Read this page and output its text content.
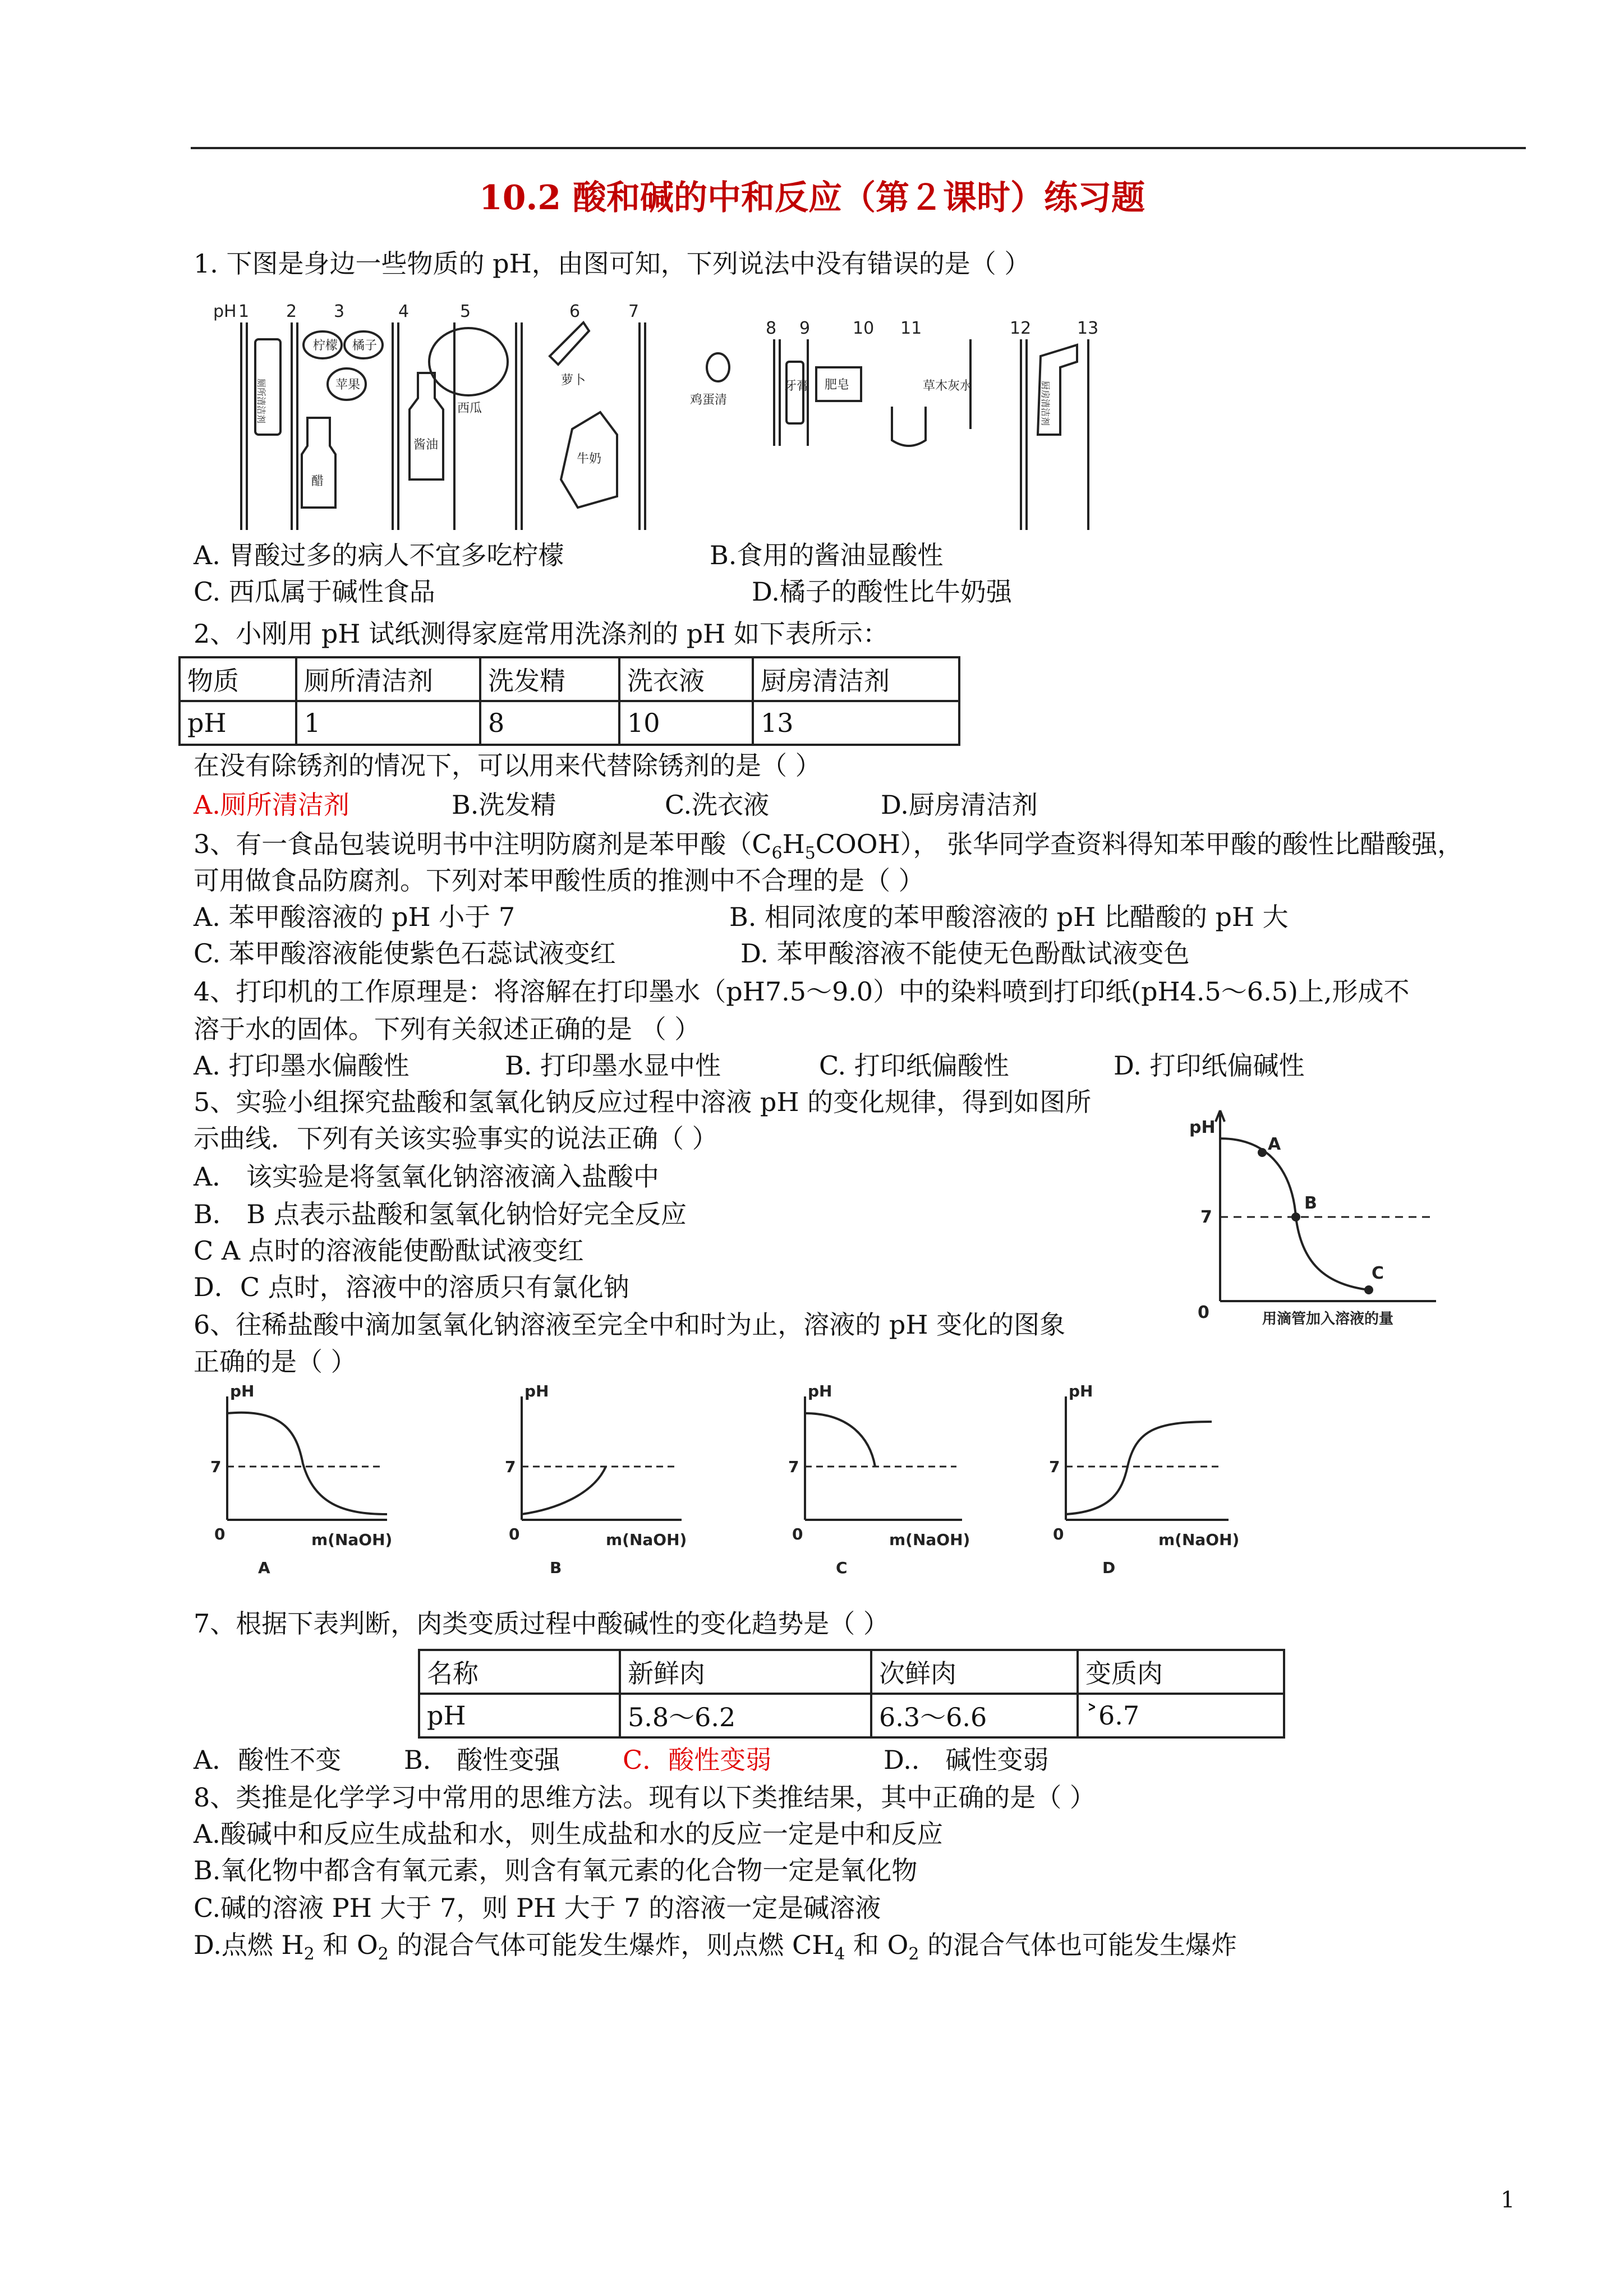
10.2 酸和碱的中和反应（第２课时）练习题
1. 下图是身边一些物质的 pH，由图可知，下列说法中没有错误的是（ ）
pH 1 2 3	4	5	6	7
8 9	10 11	12	13
柠檬 橘子
苹果
醋
酱油
西瓜
萝卜
牛奶
鸡蛋清
牙膏 肥皂	草木灰水
厕所清洁剂	厨房清洁剂
A. 胃酸过多的病人不宜多吃柠檬	B.食用的酱油显酸性
C. 西瓜属于碱性食品	D.橘子的酸性比牛奶强
2、小刚用 pH 试纸测得家庭常用洗涤剂的 pH 如下表所示：
物质	厕所清洁剂	洗发精	洗衣液	厨房清洁剂
pH	1	8	10	13
在没有除锈剂的情况下，可以用来代替除锈剂的是（ ）
A.厕所清洁剂	B.洗发精	C.洗衣液	D.厨房清洁剂
3、有一食品包装说明书中注明防腐剂是苯甲酸$(C_6H_5COOH)$， 张华同学查资料得知苯甲酸的酸性比醋酸强，
可用做食品防腐剂。下列对苯甲酸性质的推测中不合理的是（ ）
A. 苯甲酸溶液的 pH 小于 7	B. 相同浓度的苯甲酸溶液的 pH 比醋酸的 pH 大
C. 苯甲酸溶液能使紫色石蕊试液变红	D. 苯甲酸溶液不能使无色酚酞试液变色
4、打印机的工作原理是：将溶解在打印墨水（pH7.5～9.0）中的染料喷到打印纸(pH4.5～6.5)上,形成不
溶于水的固体。下列有关叙述正确的是 （ ）
A. 打印墨水偏酸性	B. 打印墨水显中性	C. 打印纸偏酸性	D. 打印纸偏碱性
5、实验小组探究盐酸和氢氧化钠反应过程中溶液 pH 的变化规律，得到如图所
示曲线．下列有关该实验事实的说法正确（ ）
A． 该实验是将氢氧化钠溶液滴入盐酸中
B． B 点表示盐酸和氢氧化钠恰好完全反应
C A 点时的溶液能使酚酞试液变红
D．C 点时，溶液中的溶质只有氯化钠
pH
7
0
A
B
C
用滴管加入溶液的量
6、往稀盐酸中滴加氢氧化钠溶液至完全中和时为止，溶液的 pH 变化的图象
正确的是（ ）
pH
7
0	m(NaOH)
A
pH
7
0	m(NaOH)
B
pH
7
0	m(NaOH)
C
pH
7
0	m(NaOH)
D
7、根据下表判断，肉类变质过程中酸碱性的变化趋势是（ ）
名称	新鲜肉	次鲜肉	变质肉
pH	5.8～6.2	6.3～6.6	˃6.7
A．酸性不变 B． 酸性变强 C．酸性变弱	D.． 碱性变弱
8、类推是化学学习中常用的思维方法。现有以下类推结果，其中正确的是（ ）
A.酸碱中和反应生成盐和水，则生成盐和水的反应一定是中和反应
B.氧化物中都含有氧元素，则含有氧元素的化合物一定是氧化物
C.碱的溶液 PH 大于 7，则 PH 大于 7 的溶液一定是碱溶液
D.点燃 $H_2$ 和 $O_2$ 的混合气体可能发生爆炸，则点燃 $CH_4$ 和 $O_2$ 的混合气体也可能发生爆炸
1
